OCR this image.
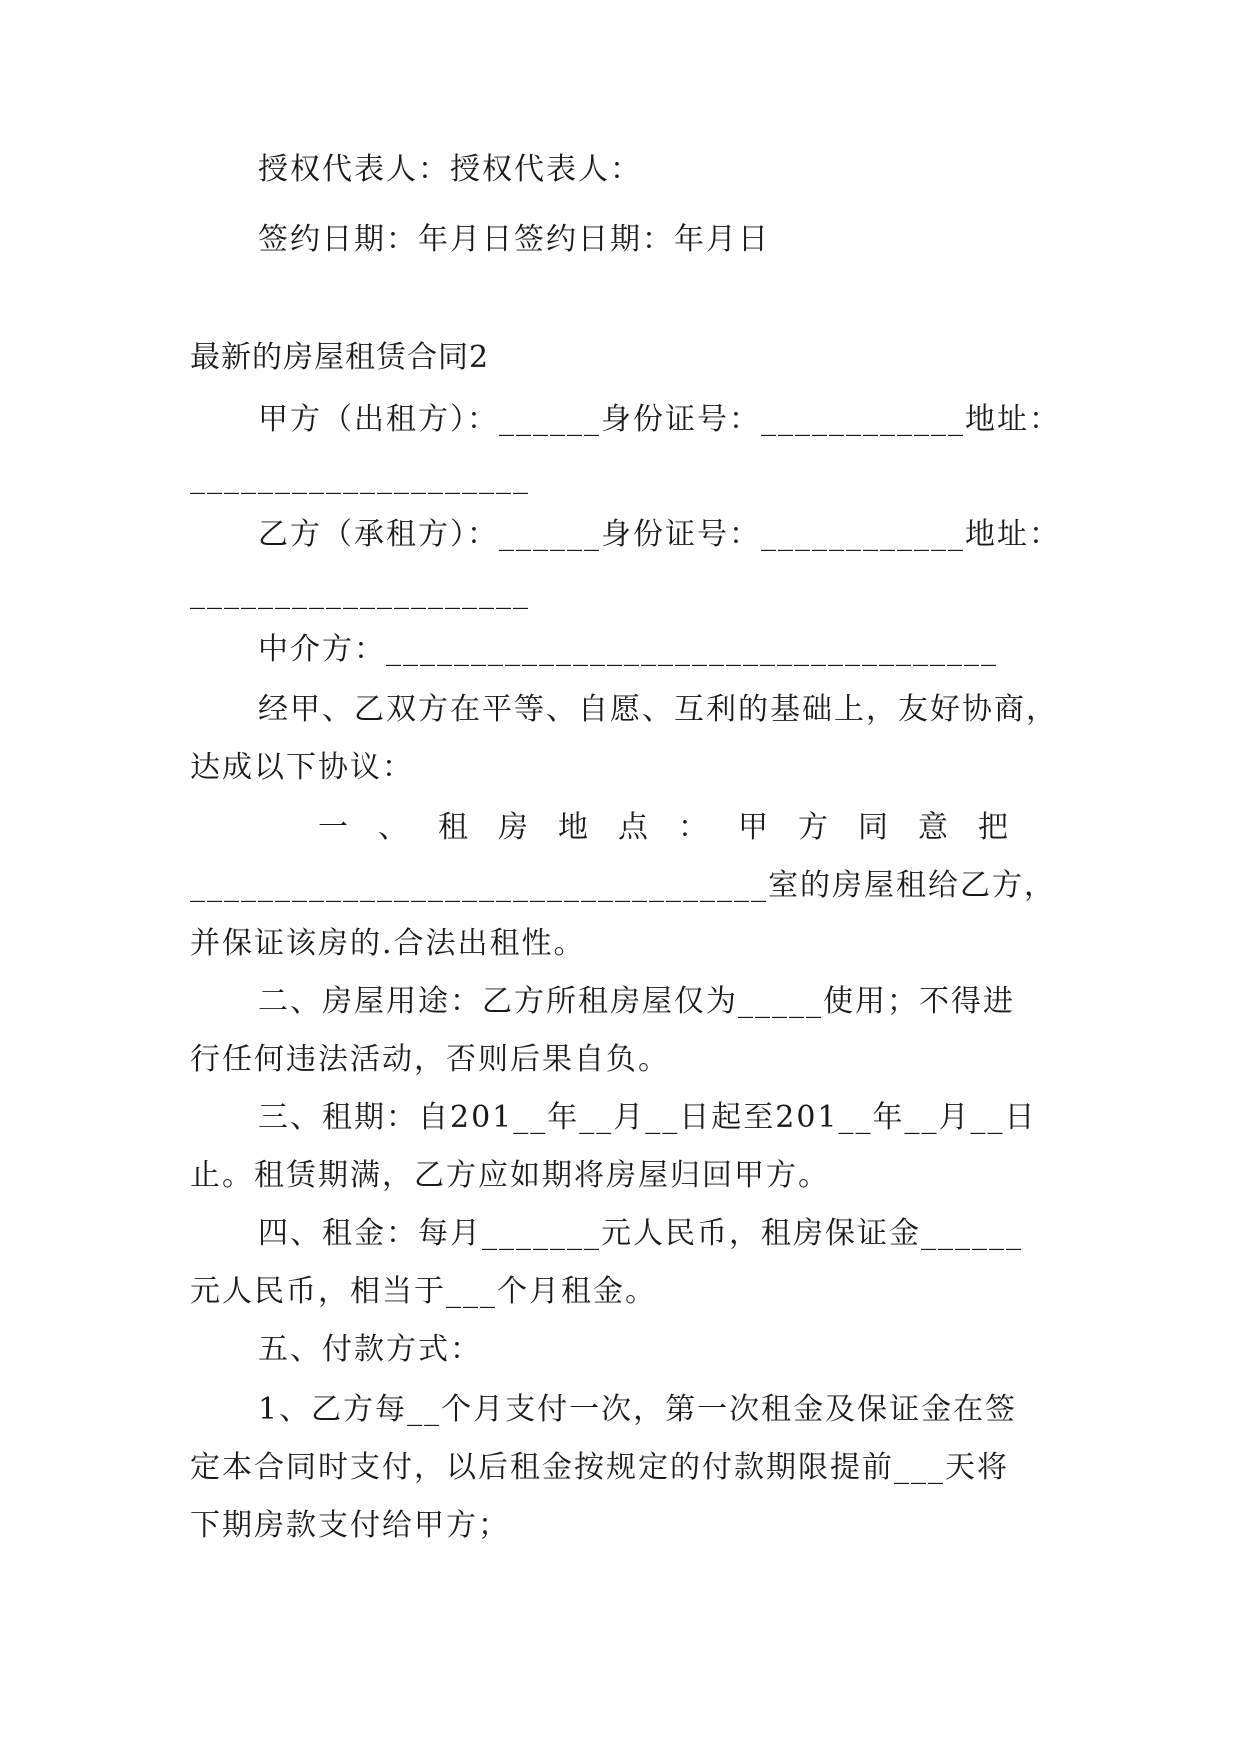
授权代表人：授权代表人：
签约日期：年月日签约日期：年月日
最新的房屋租赁合同2
甲方（出租方）：______身份证号：____________地址：
____________________
乙方（承租方）：______身份证号：____________地址：
____________________
中介方：____________________________________
经甲、乙双方在平等、自愿、互利的基础上，友好协商，
达成以下协议：
一、租房地点：甲方同意把
__________________________________室的房屋租给乙方，
并保证该房的.合法出租性。
二、房屋用途：乙方所租房屋仅为_____使用；不得进
行任何违法活动，否则后果自负。
三、租期：自201__年__月__日起至201__年__月__日
止。租赁期满，乙方应如期将房屋归回甲方。
四、租金：每月_______元人民币，租房保证金______
元人民币，相当于___个月租金。
五、付款方式：
1、乙方每__个月支付一次，第一次租金及保证金在签
定本合同时支付，以后租金按规定的付款期限提前___天将
下期房款支付给甲方；
